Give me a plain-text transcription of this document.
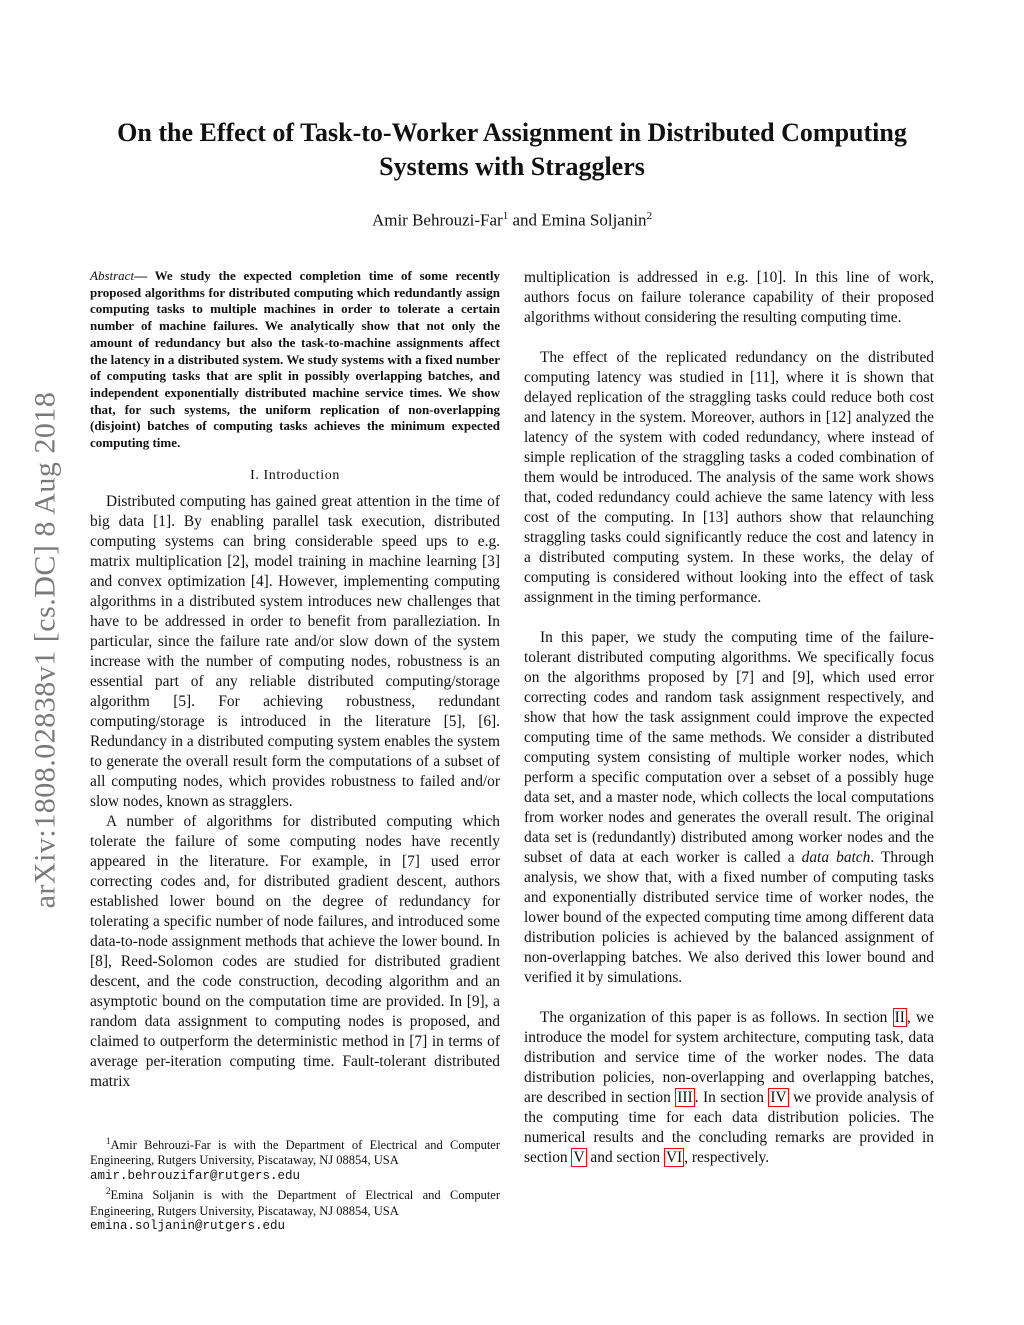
arXiv:1808.02838v1 [cs.DC] 8 Aug 2018
On the Effect of Task-to-Worker Assignment in Distributed Computing
Systems with Stragglers
Amir Behrouzi-Far$^1$ and Emina Soljanin$^2$
Abstract— We study the expected completion time of some recently proposed algorithms for distributed computing which redundantly assign computing tasks to multiple machines in order to tolerate a certain number of machine failures. We analytically show that not only the amount of redundancy but also the task-to-machine assignments affect the latency in a distributed system. We study systems with a fixed number of computing tasks that are split in possibly overlapping batches, and independent exponentially distributed machine service times. We show that, for such systems, the uniform replication of non-overlapping (disjoint) batches of computing tasks achieves the minimum expected computing time.
I. Introduction

Distributed computing has gained great attention in the time of big data [1]. By enabling parallel task execution, distributed computing systems can bring considerable speed ups to e.g. matrix multiplication [2], model training in machine learning [3] and convex optimization [4]. However, implementing computing algorithms in a distributed system introduces new challenges that have to be addressed in order to benefit from paralleziation. In particular, since the failure rate and/or slow down of the system increase with the number of computing nodes, robustness is an essential part of any reliable distributed computing/storage algorithm [5]. For achieving robustness, redundant computing/storage is introduced in the literature [5], [6]. Redundancy in a distributed computing system enables the system to generate the overall result form the computations of a subset of all computing nodes, which provides robustness to failed and/or slow nodes, known as stragglers.

A number of algorithms for distributed computing which tolerate the failure of some computing nodes have recently appeared in the literature. For example, in [7] used error correcting codes and, for distributed gradient descent, authors established lower bound on the degree of redundancy for tolerating a specific number of node failures, and introduced some data-to-node assignment methods that achieve the lower bound. In [8], Reed-Solomon codes are studied for distributed gradient descent, and the code construction, decoding algorithm and an asymptotic bound on the computation time are provided. In [9], a random data assignment to computing nodes is proposed, and claimed to outperform the deterministic method in [7] in terms of average per-iteration computing time. Fault-tolerant distributed matrix

$^1$Amir Behrouzi-Far is with the Department of Electrical and Computer Engineering, Rutgers University, Piscataway, NJ 08854, USA
amir.behrouzifar@rutgers.edu
$^2$Emina Soljanin is with the Department of Electrical and Computer Engineering, Rutgers University, Piscataway, NJ 08854, USA
emina.soljanin@rutgers.edu

multiplication is addressed in e.g. [10]. In this line of work, authors focus on failure tolerance capability of their proposed algorithms without considering the resulting computing time.

The effect of the replicated redundancy on the distributed computing latency was studied in [11], where it is shown that delayed replication of the straggling tasks could reduce both cost and latency in the system. Moreover, authors in [12] analyzed the latency of the system with coded redundancy, where instead of simple replication of the straggling tasks a coded combination of them would be introduced. The analysis of the same work shows that, coded redundancy could achieve the same latency with less cost of the computing. In [13] authors show that relaunching straggling tasks could significantly reduce the cost and latency in a distributed computing system. In these works, the delay of computing is considered without looking into the effect of task assignment in the timing performance.

In this paper, we study the computing time of the failure-tolerant distributed computing algorithms. We specifically focus on the algorithms proposed by [7] and [9], which used error correcting codes and random task assignment respectively, and show that how the task assignment could improve the expected computing time of the same methods. We consider a distributed computing system consisting of multiple worker nodes, which perform a specific computation over a sebset of a possibly huge data set, and a master node, which collects the local computations from worker nodes and generates the overall result. The original data set is (redundantly) distributed among worker nodes and the subset of data at each worker is called a data batch. Through analysis, we show that, with a fixed number of computing tasks and exponentially distributed service time of worker nodes, the lower bound of the expected computing time among different data distribution policies is achieved by the balanced assignment of non-overlapping batches. We also derived this lower bound and verified it by simulations.

The organization of this paper is as follows. In section II , we introduce the model for system architecture, computing task, data distribution and service time of the worker nodes. The data distribution policies, non-overlapping and overlapping batches, are described in section III . In section IV we provide analysis of the computing time for each data distribution policies. The numerical results and the concluding remarks are provided in section V and section VI , respectively.
